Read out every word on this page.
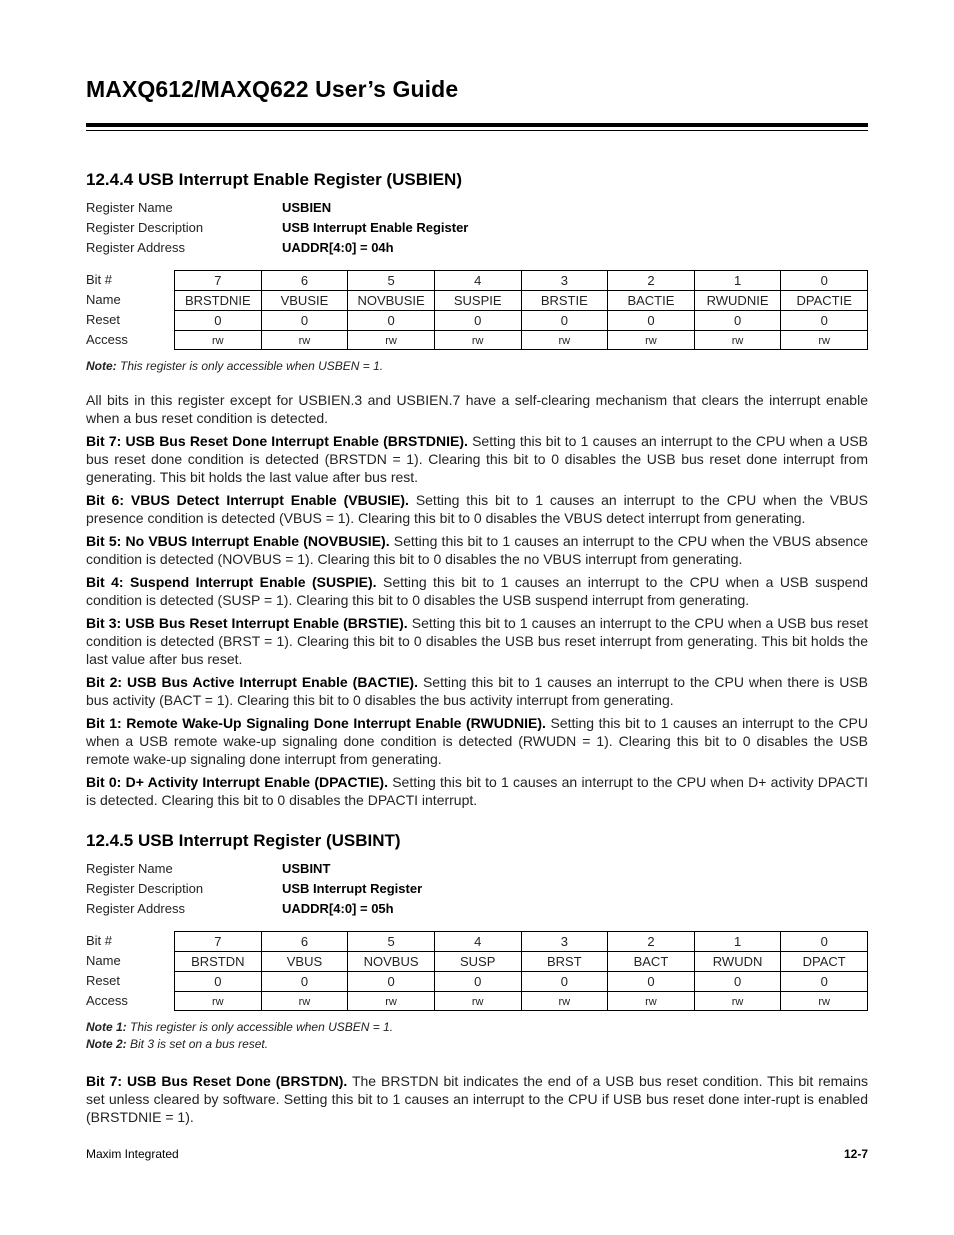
MAXQ612/MAXQ622 User’s Guide
12.4.4 USB Interrupt Enable Register (USBIEN)
Register Name	USBIEN
Register Description	USB Interrupt Enable Register
Register Address	UADDR[4:0] = 04h
Bit #	7	6	5	4	3	2	1	0
Name	BRSTDNIE	VBUSIE	NOVBUSIE	SUSPIE	BRSTIE	BACTIE	RWUDNIE	DPACTIE
Reset	0	0	0	0	0	0	0	0
Access	rw	rw	rw	rw	rw	rw	rw	rw
Note: This register is only accessible when USBEN = 1.

All bits in this register except for USBIEN.3 and USBIEN.7 have a self-clearing mechanism that clears the interrupt enable when a bus reset condition is detected.

Bit 7: USB Bus Reset Done Interrupt Enable (BRSTDNIE). Setting this bit to 1 causes an interrupt to the CPU when a USB bus reset done condition is detected (BRSTDN = 1). Clearing this bit to 0 disables the USB bus reset done interrupt from generating. This bit holds the last value after bus rest.

Bit 6: VBUS Detect Interrupt Enable (VBUSIE). Setting this bit to 1 causes an interrupt to the CPU when the VBUS presence condition is detected (VBUS = 1). Clearing this bit to 0 disables the VBUS detect interrupt from generating.

Bit 5: No VBUS Interrupt Enable (NOVBUSIE). Setting this bit to 1 causes an interrupt to the CPU when the VBUS absence condition is detected (NOVBUS = 1). Clearing this bit to 0 disables the no VBUS interrupt from generating.

Bit 4: Suspend Interrupt Enable (SUSPIE). Setting this bit to 1 causes an interrupt to the CPU when a USB suspend condition is detected (SUSP = 1). Clearing this bit to 0 disables the USB suspend interrupt from generating.

Bit 3: USB Bus Reset Interrupt Enable (BRSTIE). Setting this bit to 1 causes an interrupt to the CPU when a USB bus reset condition is detected (BRST = 1). Clearing this bit to 0 disables the USB bus reset interrupt from generating. This bit holds the last value after bus reset.

Bit 2: USB Bus Active Interrupt Enable (BACTIE). Setting this bit to 1 causes an interrupt to the CPU when there is USB bus activity (BACT = 1). Clearing this bit to 0 disables the bus activity interrupt from generating.

Bit 1: Remote Wake-Up Signaling Done Interrupt Enable (RWUDNIE). Setting this bit to 1 causes an interrupt to the CPU when a USB remote wake-up signaling done condition is detected (RWUDN = 1). Clearing this bit to 0 disables the USB remote wake-up signaling done interrupt from generating.

Bit 0: D+ Activity Interrupt Enable (DPACTIE). Setting this bit to 1 causes an interrupt to the CPU when D+ activity DPACTI is detected. Clearing this bit to 0 disables the DPACTI interrupt.

12.4.5 USB Interrupt Register (USBINT)
Register Name	USBINT
Register Description	USB Interrupt Register
Register Address	UADDR[4:0] = 05h
Bit #	7	6	5	4	3	2	1	0
Name	BRSTDN	VBUS	NOVBUS	SUSP	BRST	BACT	RWUDN	DPACT
Reset	0	0	0	0	0	0	0	0
Access	rw	rw	rw	rw	rw	rw	rw	rw
Note 1: This register is only accessible when USBEN = 1.
Note 2: Bit 3 is set on a bus reset.

Bit 7: USB Bus Reset Done (BRSTDN). The BRSTDN bit indicates the end of a USB bus reset condition. This bit remains set unless cleared by software. Setting this bit to 1 causes an interrupt to the CPU if USB bus reset done inter-rupt is enabled (BRSTDNIE = 1).

Maxim Integrated	12-7
